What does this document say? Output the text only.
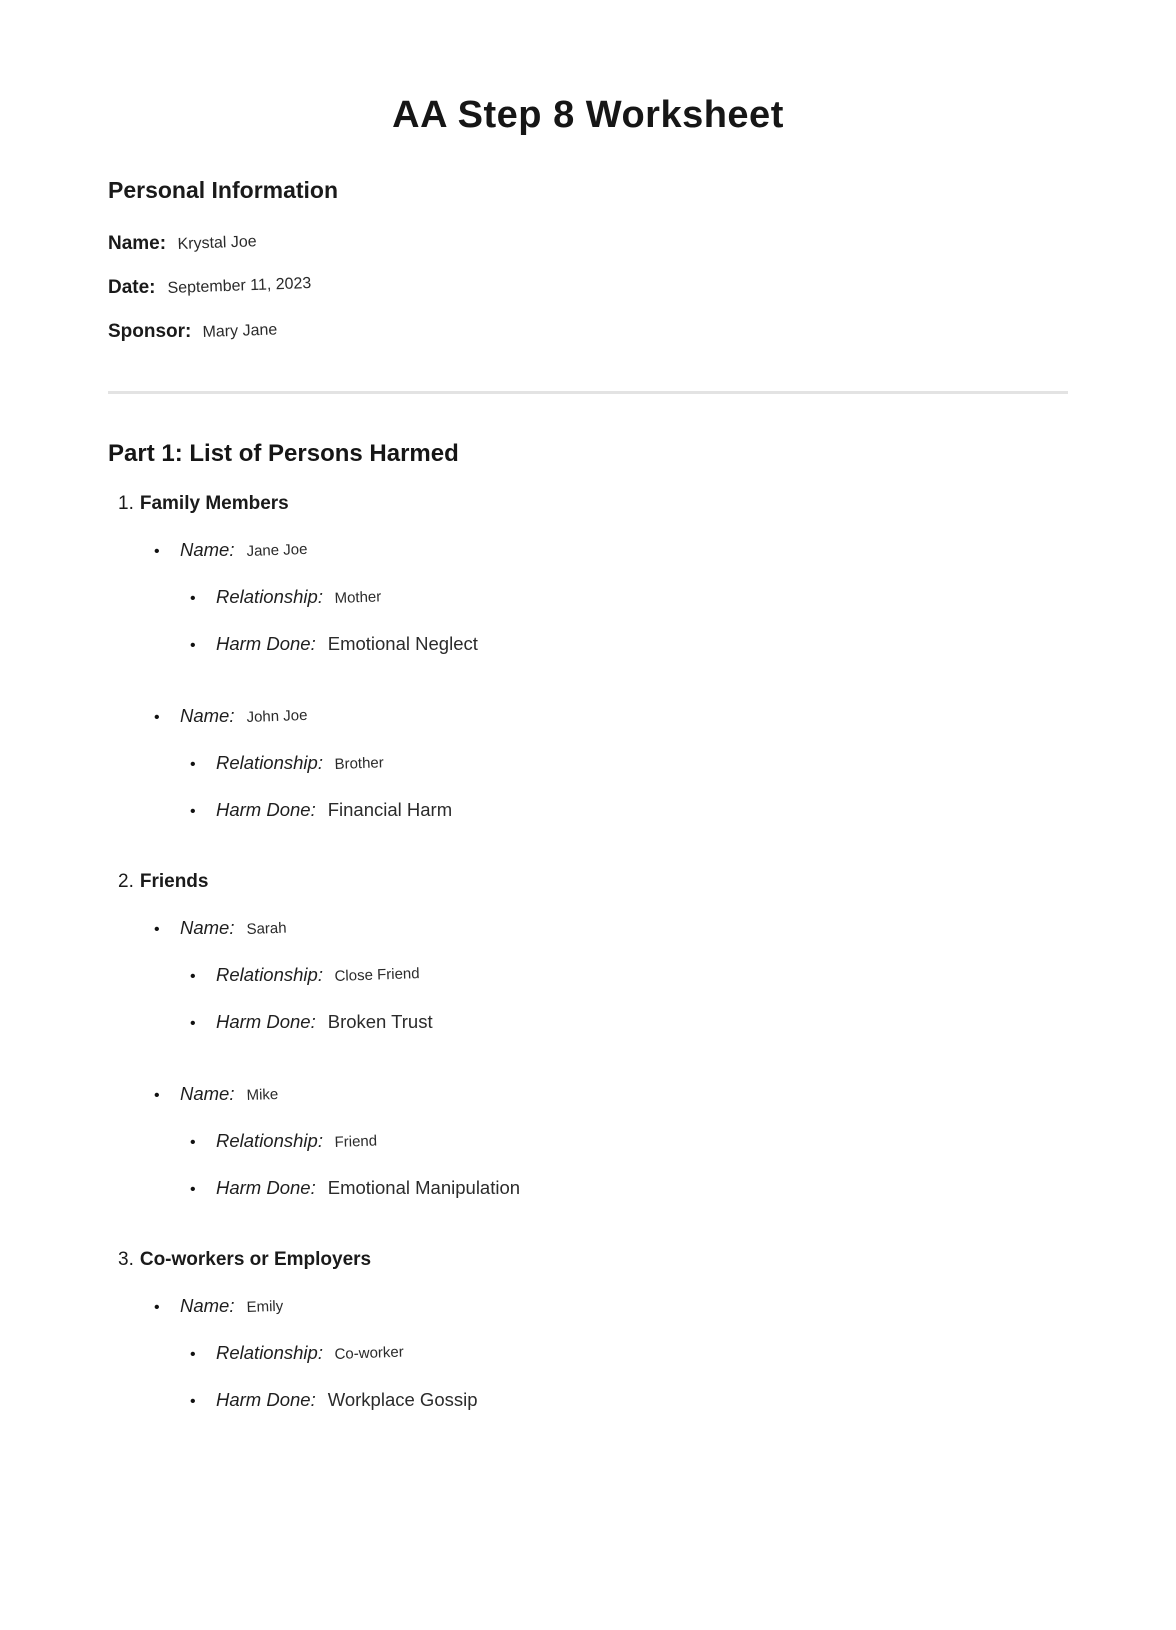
AA Step 8 Worksheet
Personal Information
Name: Krystal Joe
Date: September 11, 2023
Sponsor: Mary Jane
Part 1: List of Persons Harmed
1. Family Members
•	Name: Jane Joe
•	Relationship: Mother
•	Harm Done: Emotional Neglect
•	Name: John Joe
•	Relationship: Brother
•	Harm Done: Financial Harm
2. Friends
•	Name: Sarah
•	Relationship: Close Friend
•	Harm Done: Broken Trust
•	Name: Mike
•	Relationship: Friend
•	Harm Done: Emotional Manipulation
3. Co-workers or Employers
•	Name: Emily
•	Relationship: Co-worker
•	Harm Done: Workplace Gossip
